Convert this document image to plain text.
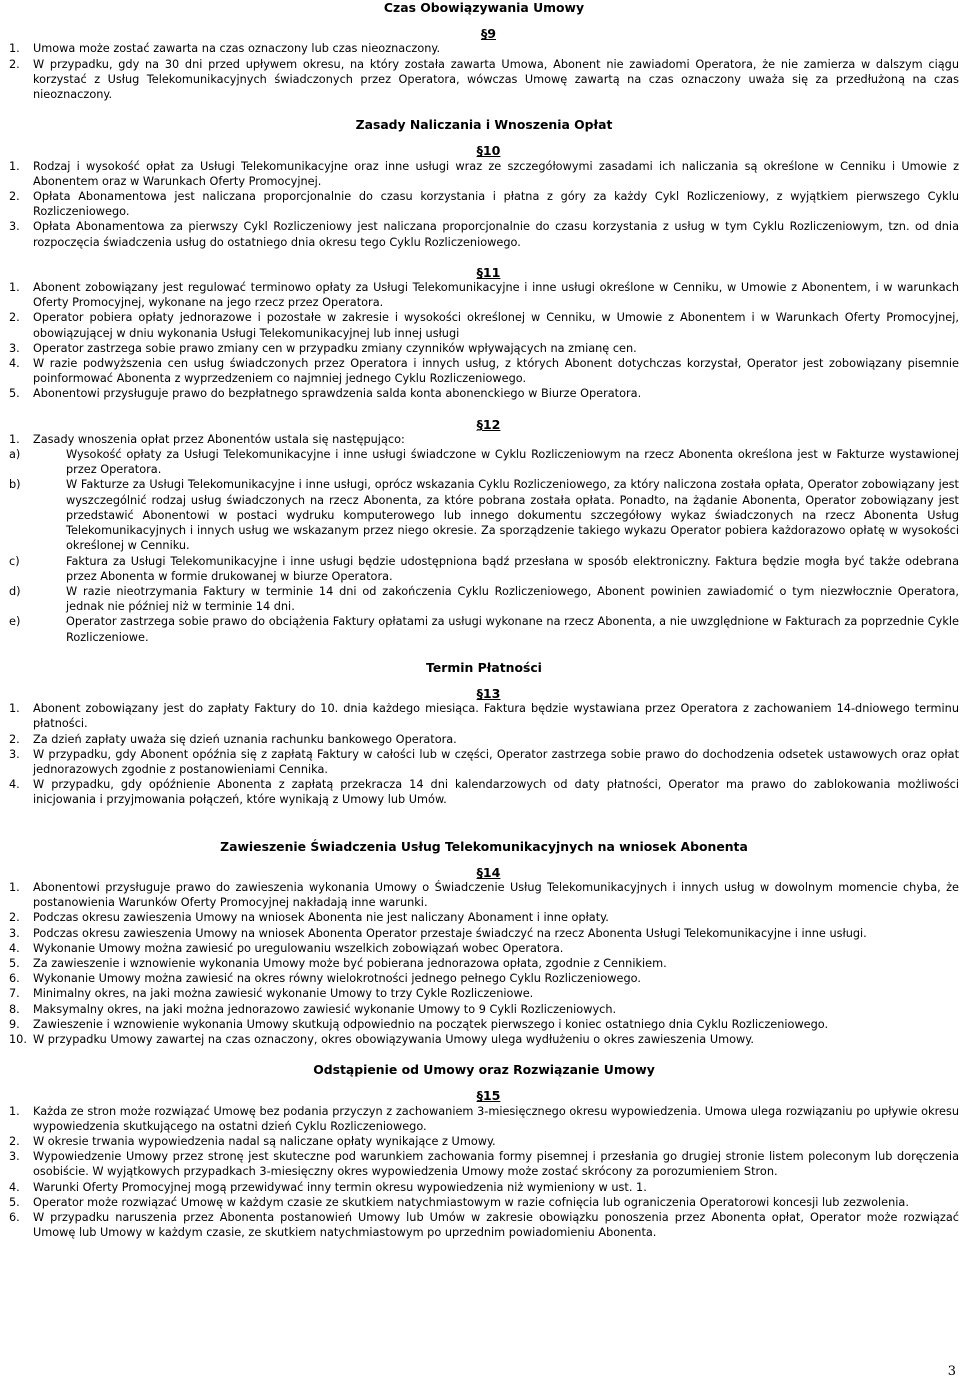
Czas Obowiązywania Umowy
§9
1.	Umowa może zostać zawarta na czas oznaczony lub czas nieoznaczony.
2.	W przypadku, gdy na 30 dni przed upływem okresu, na który została zawarta Umowa, Abonent nie zawiadomi Operatora, że nie zamierza w dalszym ciągu korzystać z Usług Telekomunikacyjnych świadczonych przez Operatora, wówczas Umowę zawartą na czas oznaczony uważa się za przedłużoną na czas nieoznaczony.
Zasady Naliczania i Wnoszenia Opłat
§10
1.	Rodzaj i wysokość opłat za Usługi Telekomunikacyjne oraz inne usługi wraz ze szczegółowymi zasadami ich naliczania są określone w Cenniku i Umowie z Abonentem oraz w Warunkach Oferty Promocyjnej.
2.	Opłata Abonamentowa jest naliczana proporcjonalnie do czasu korzystania i płatna z góry za każdy Cykl Rozliczeniowy, z wyjątkiem pierwszego Cyklu Rozliczeniowego.
3.	Opłata Abonamentowa za pierwszy Cykl Rozliczeniowy jest naliczana proporcjonalnie do czasu korzystania z usług w tym Cyklu Rozliczeniowym, tzn. od dnia rozpoczęcia świadczenia usług do ostatniego dnia okresu tego Cyklu Rozliczeniowego.
§11
1.	Abonent zobowiązany jest regulować terminowo opłaty za Usługi Telekomunikacyjne i inne usługi określone w Cenniku, w Umowie z Abonentem, i w warunkach Oferty Promocyjnej, wykonane na jego rzecz przez Operatora.
2.	Operator pobiera opłaty jednorazowe i pozostałe w zakresie i wysokości określonej w Cenniku, w Umowie z Abonentem i w Warunkach Oferty Promocyjnej, obowiązującej w dniu wykonania Usługi Telekomunikacyjnej lub innej usługi
3.	Operator zastrzega sobie prawo zmiany cen w przypadku zmiany czynników wpływających na zmianę cen.
4.	W razie podwyższenia cen usług świadczonych przez Operatora i innych usług, z których Abonent dotychczas korzystał, Operator jest zobowiązany pisemnie poinformować Abonenta z wyprzedzeniem co najmniej jednego Cyklu Rozliczeniowego.
5.	Abonentowi przysługuje prawo do bezpłatnego sprawdzenia salda konta abonenckiego w Biurze Operatora.
§12
1.	Zasady wnoszenia opłat przez Abonentów ustala się następująco:
a)	Wysokość opłaty za Usługi Telekomunikacyjne i inne usługi świadczone w Cyklu Rozliczeniowym na rzecz Abonenta określona jest w Fakturze wystawionej przez Operatora.
b)	W Fakturze za Usługi Telekomunikacyjne i inne usługi, oprócz wskazania Cyklu Rozliczeniowego, za który naliczona została opłata, Operator zobowiązany jest wyszczególnić rodzaj usług świadczonych na rzecz Abonenta, za które pobrana została opłata. Ponadto, na żądanie Abonenta, Operator zobowiązany jest przedstawić Abonentowi w postaci wydruku komputerowego lub innego dokumentu szczegółowy wykaz świadczonych na rzecz Abonenta Usług Telekomunikacyjnych i innych usług we wskazanym przez niego okresie. Za sporządzenie takiego wykazu Operator pobiera każdorazowo opłatę w wysokości określonej w Cenniku.
c)	Faktura za Usługi Telekomunikacyjne i inne usługi będzie udostępniona bądź przesłana w sposób elektroniczny. Faktura będzie mogła być także odebrana przez Abonenta w formie drukowanej w biurze Operatora.
d)	W razie nieotrzymania Faktury w terminie 14 dni od zakończenia Cyklu Rozliczeniowego, Abonent powinien zawiadomić o tym niezwłocznie Operatora, jednak nie później niż w terminie 14 dni.
e)	Operator zastrzega sobie prawo do obciążenia Faktury opłatami za usługi wykonane na rzecz Abonenta, a nie uwzględnione w Fakturach za poprzednie Cykle Rozliczeniowe.
Termin Płatności
§13
1.	Abonent zobowiązany jest do zapłaty Faktury do 10. dnia każdego miesiąca. Faktura będzie wystawiana przez Operatora z zachowaniem 14-dniowego terminu płatności.
2.	Za dzień zapłaty uważa się dzień uznania rachunku bankowego Operatora.
3.	W przypadku, gdy Abonent opóźnia się z zapłatą Faktury w całości lub w części, Operator zastrzega sobie prawo do dochodzenia odsetek ustawowych oraz opłat jednorazowych zgodnie z postanowieniami Cennika.
4.	W przypadku, gdy opóźnienie Abonenta z zapłatą przekracza 14 dni kalendarzowych od daty płatności, Operator ma prawo do zablokowania możliwości inicjowania i przyjmowania połączeń, które wynikają z Umowy lub Umów.
Zawieszenie Świadczenia Usług Telekomunikacyjnych na wniosek Abonenta
§14
1.	Abonentowi przysługuje prawo do zawieszenia wykonania Umowy o Świadczenie Usług Telekomunikacyjnych i innych usług w dowolnym momencie chyba, że postanowienia Warunków Oferty Promocyjnej nakładają inne warunki.
2.	Podczas okresu zawieszenia Umowy na wniosek Abonenta nie jest naliczany Abonament i inne opłaty.
3.	Podczas okresu zawieszenia Umowy na wniosek Abonenta Operator przestaje świadczyć na rzecz Abonenta Usługi Telekomunikacyjne i inne usługi.
4.	Wykonanie Umowy można zawiesić po uregulowaniu wszelkich zobowiązań wobec Operatora.
5.	Za zawieszenie i wznowienie wykonania Umowy może być pobierana jednorazowa opłata, zgodnie z Cennikiem.
6.	Wykonanie Umowy można zawiesić na okres równy wielokrotności jednego pełnego Cyklu Rozliczeniowego.
7.	Minimalny okres, na jaki można zawiesić wykonanie Umowy to trzy Cykle Rozliczeniowe.
8.	Maksymalny okres, na jaki można jednorazowo zawiesić wykonanie Umowy to 9 Cykli Rozliczeniowych.
9.	Zawieszenie i wznowienie wykonania Umowy skutkują odpowiednio na początek pierwszego i koniec ostatniego dnia Cyklu Rozliczeniowego.
10. W przypadku Umowy zawartej na czas oznaczony, okres obowiązywania Umowy ulega wydłużeniu o okres zawieszenia Umowy.
Odstąpienie od Umowy oraz Rozwiązanie Umowy
§15
1.	Każda ze stron może rozwiązać Umowę bez podania przyczyn z zachowaniem 3-miesięcznego okresu wypowiedzenia. Umowa ulega rozwiązaniu po upływie okresu wypowiedzenia skutkującego na ostatni dzień Cyklu Rozliczeniowego.
2.	W okresie trwania wypowiedzenia nadal są naliczane opłaty wynikające z Umowy.
3.	Wypowiedzenie Umowy przez stronę jest skuteczne pod warunkiem zachowania formy pisemnej i przesłania go drugiej stronie listem poleconym lub doręczenia osobiście. W wyjątkowych przypadkach 3-miesięczny okres wypowiedzenia Umowy może zostać skrócony za porozumieniem Stron.
4.	Warunki Oferty Promocyjnej mogą przewidywać inny termin okresu wypowiedzenia niż wymieniony w ust. 1.
5.	Operator może rozwiązać Umowę w każdym czasie ze skutkiem natychmiastowym w razie cofnięcia lub ograniczenia Operatorowi koncesji lub zezwolenia.
6.	W przypadku naruszenia przez Abonenta postanowień Umowy lub Umów w zakresie obowiązku ponoszenia przez Abonenta opłat, Operator może rozwiązać Umowę lub Umowy w każdym czasie, ze skutkiem natychmiastowym po uprzednim powiadomieniu Abonenta.
3
